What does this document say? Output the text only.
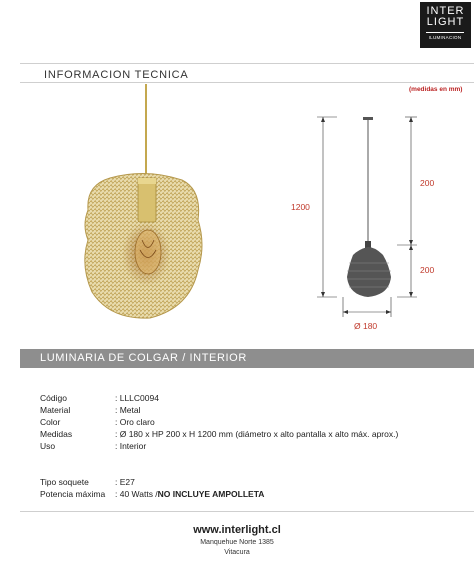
INTER
LIGHT
ILUMINACION
INFORMACION TECNICA
(medidas en mm)
1200
200
200
Ø 180
LUMINARIA DE COLGAR / INTERIOR
Código	: LLLC0094
Material	: Metal
Color	: Oro claro
Medidas	: Ø 180 x HP 200 x H 1200 mm (diámetro x alto pantalla x alto máx. aprox.)
Uso	: Interior
Tipo soquete	: E27
Potencia máxima	: 40 Watts / NO INCLUYE AMPOLLETA
www.interlight.cl
Manquehue Norte 1385
Vitacura
